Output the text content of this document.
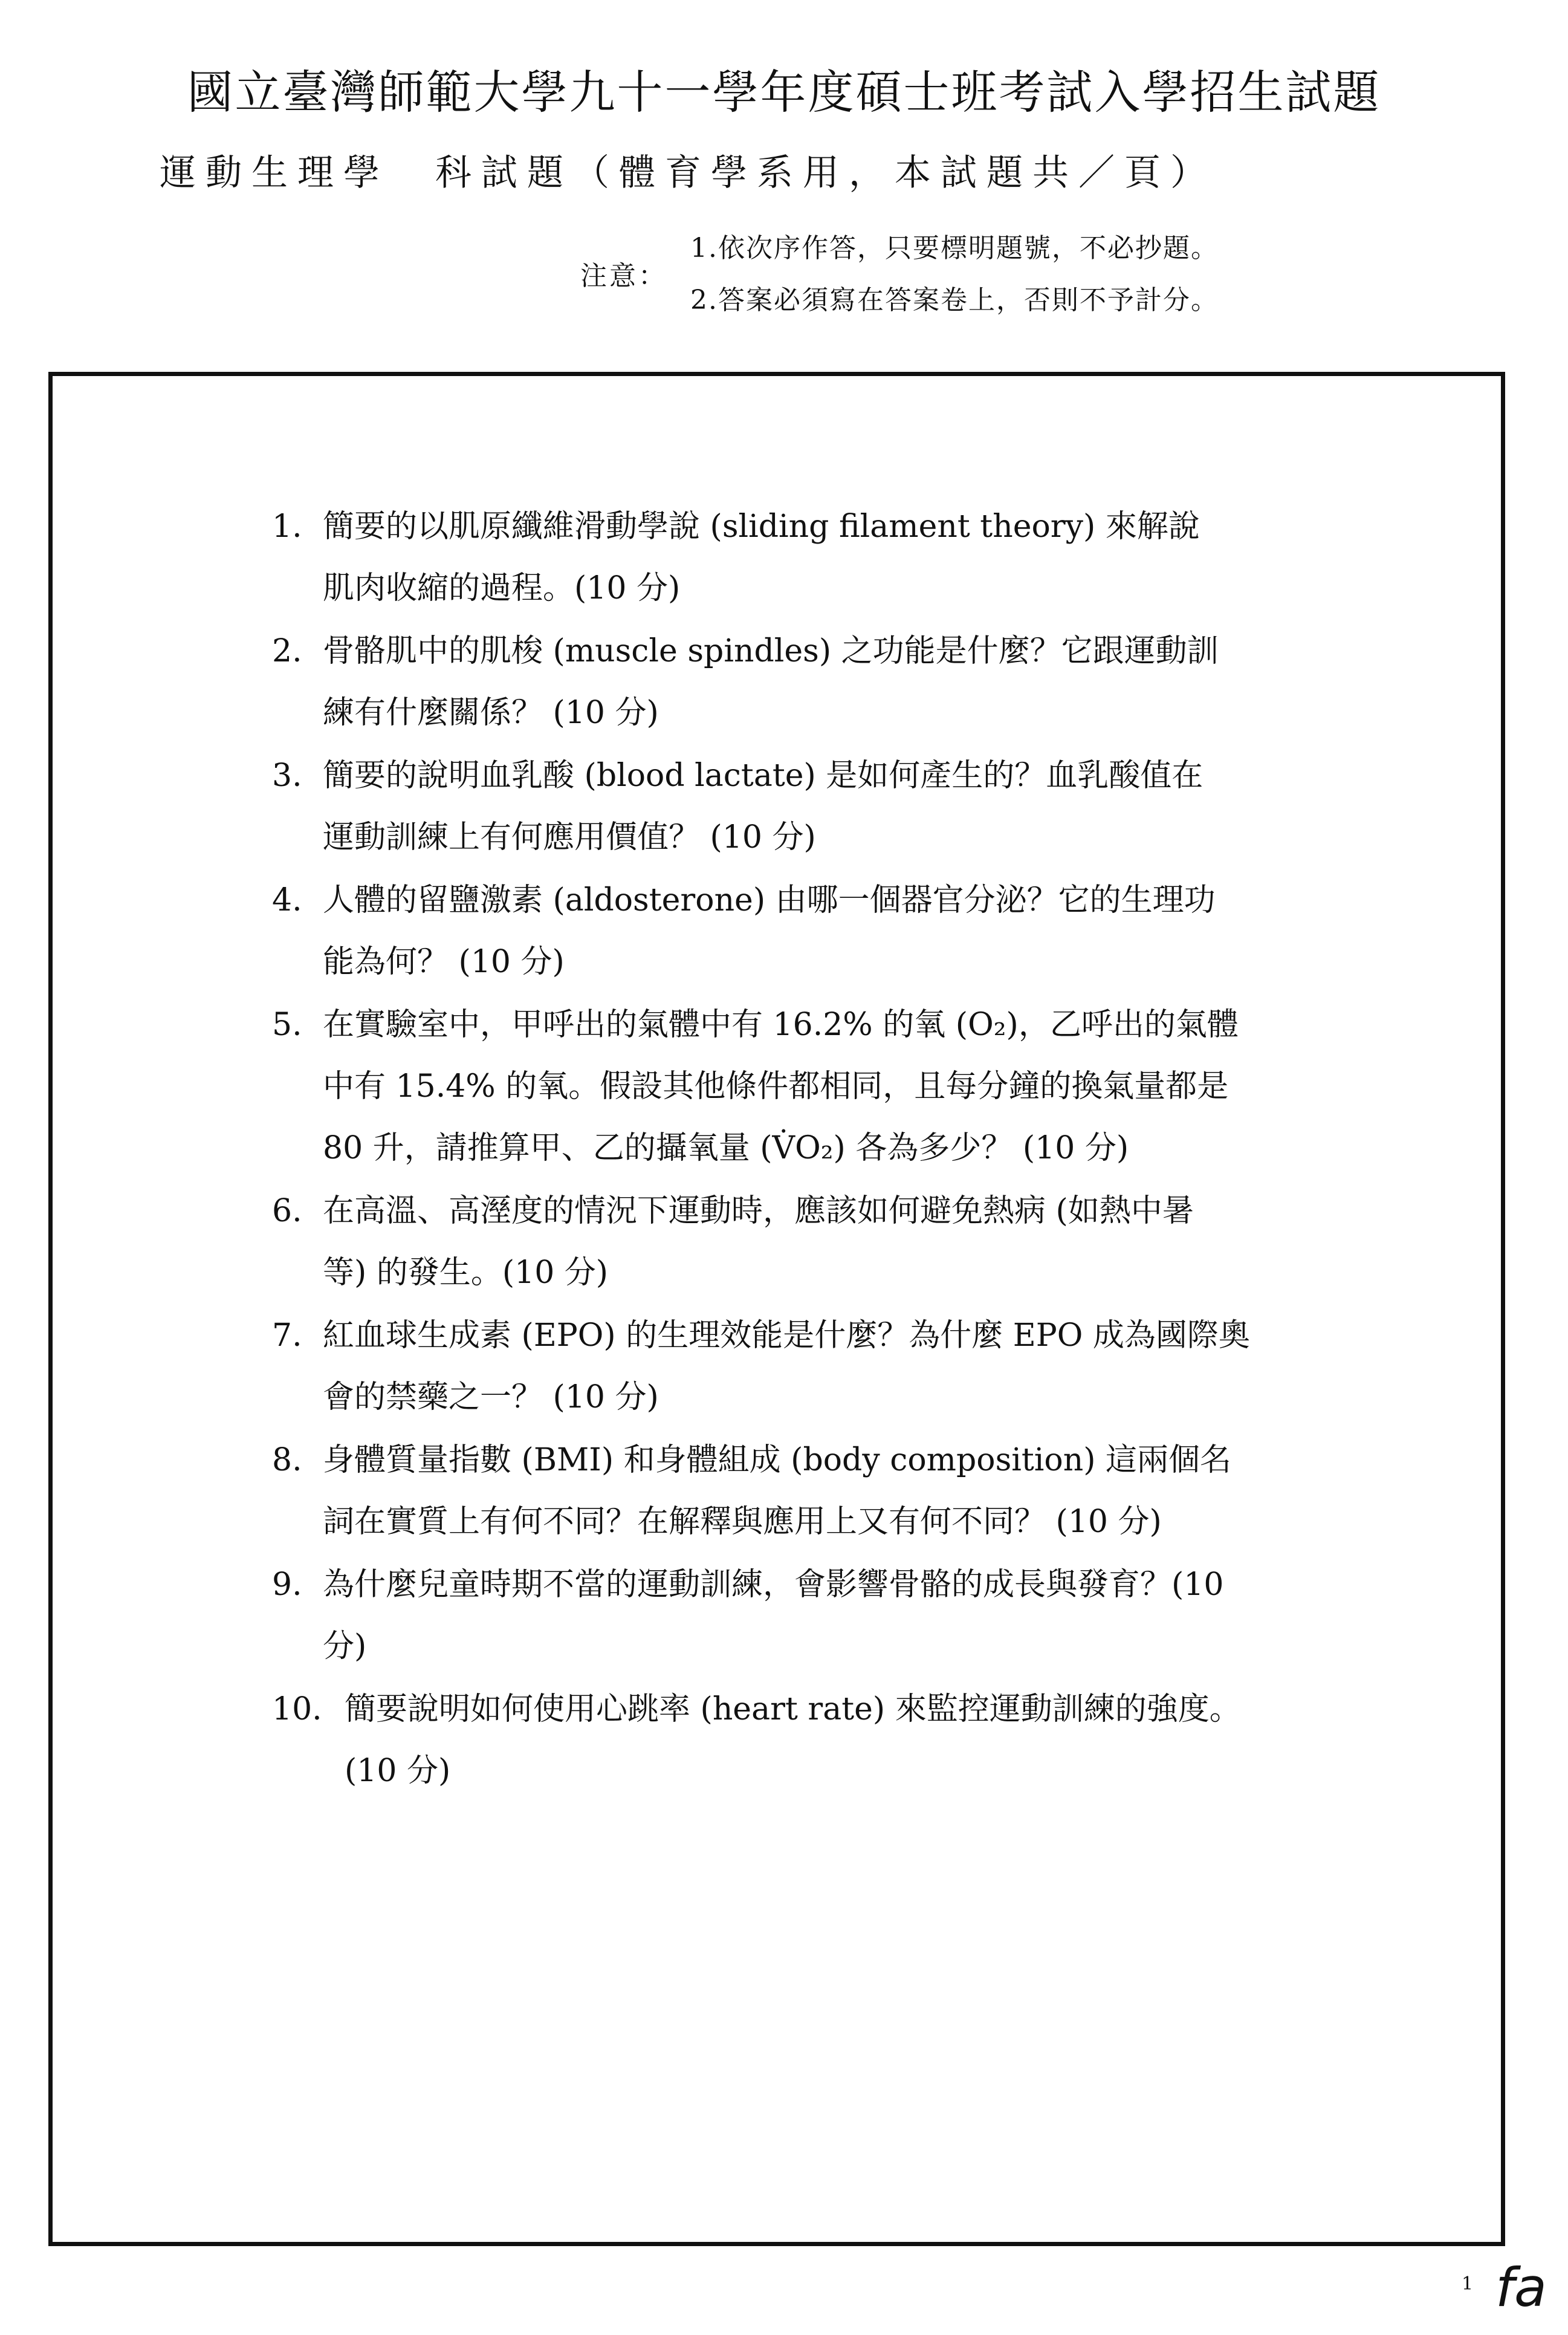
國立臺灣師範大學九十一學年度碩士班考試入學招生試題
運動生理學　科試題（體育學系用，本試題共／頁）
注意：
1.依次序作答，只要標明題號，不必抄題。
2.答案必須寫在答案卷上，否則不予計分。
1. 簡要的以肌原纖維滑動學說 (sliding filament theory) 來解說
肌肉收縮的過程。(10 分)
2. 骨骼肌中的肌梭 (muscle spindles) 之功能是什麼？它跟運動訓
練有什麼關係？ (10 分)
3. 簡要的說明血乳酸 (blood lactate) 是如何產生的？血乳酸值在
運動訓練上有何應用價值？ (10 分)
4. 人體的留鹽激素 (aldosterone) 由哪一個器官分泌？它的生理功
能為何？ (10 分)
5. 在實驗室中，甲呼出的氣體中有 16.2% 的氧 (O₂)，乙呼出的氣體
中有 15.4% 的氧。假設其他條件都相同，且每分鐘的換氣量都是
80 升，請推算甲、乙的攝氧量 (V̇O₂) 各為多少？ (10 分)
6. 在高溫、高溼度的情況下運動時，應該如何避免熱病 (如熱中暑
等) 的發生。(10 分)
7. 紅血球生成素 (EPO) 的生理效能是什麼？為什麼 EPO 成為國際奧
會的禁藥之一？ (10 分)
8. 身體質量指數 (BMI) 和身體組成 (body composition) 這兩個名
詞在實質上有何不同？在解釋與應用上又有何不同？ (10 分)
9. 為什麼兒童時期不當的運動訓練，會影響骨骼的成長與發育？(10
分)
10. 簡要說明如何使用心跳率 (heart rate) 來監控運動訓練的強度。
(10 分)
1 fa
